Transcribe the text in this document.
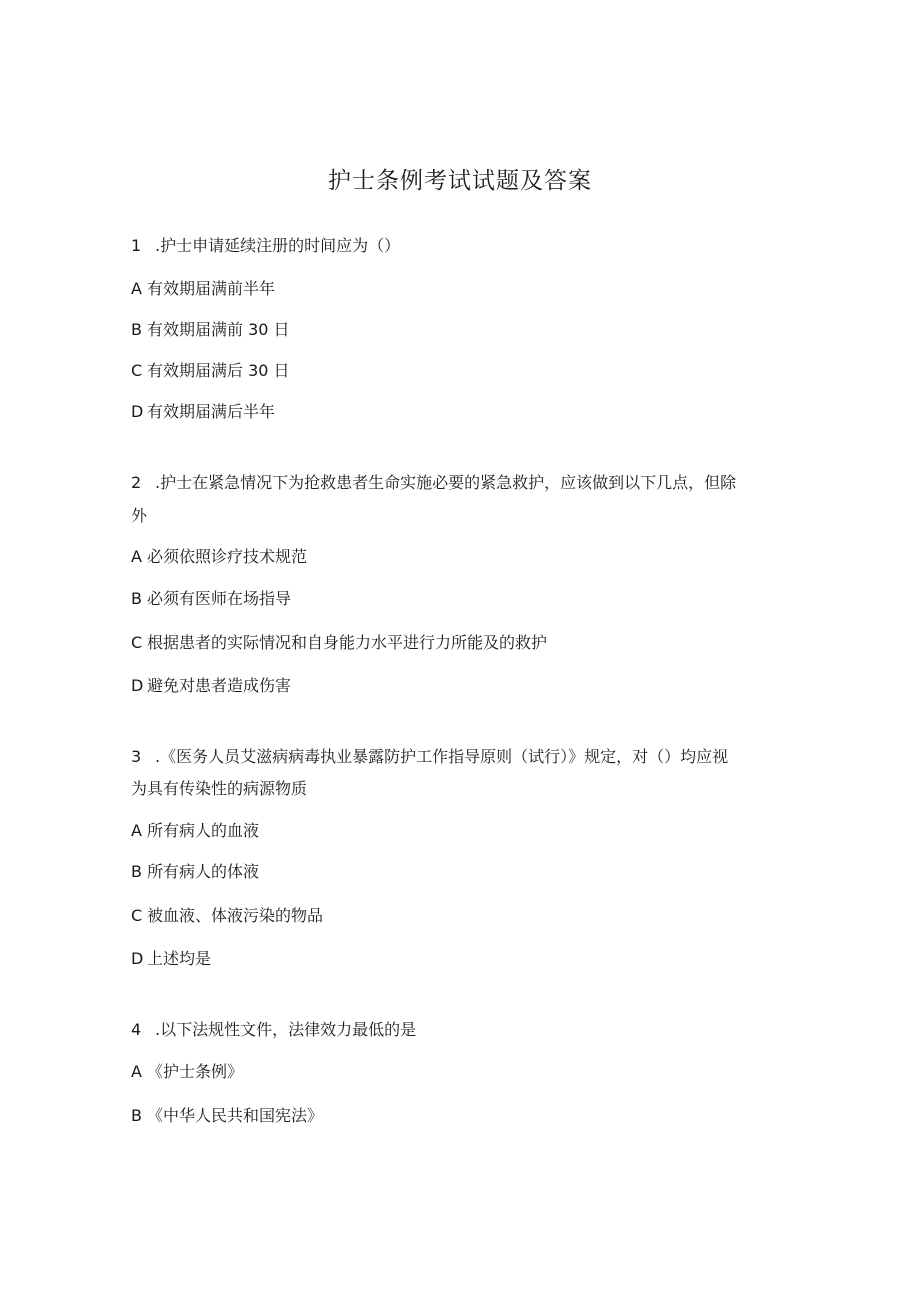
护士条例考试试题及答案
1 .护士申请延续注册的时间应为（）
A 有效期届满前半年
B 有效期届满前 30 日
C 有效期届满后 30 日
D 有效期届满后半年
2 .护士在紧急情况下为抢救患者生命实施必要的紧急救护，应该做到以下几点，但除
外
A 必须依照诊疗技术规范
B 必须有医师在场指导
C 根据患者的实际情况和自身能力水平进行力所能及的救护
D 避免对患者造成伤害
3 .《医务人员艾滋病病毒执业暴露防护工作指导原则（试行）》规定，对（）均应视
为具有传染性的病源物质
A 所有病人的血液
B 所有病人的体液
C 被血液、体液污染的物品
D 上述均是
4 .以下法规性文件，法律效力最低的是
A 《护士条例》
B 《中华人民共和国宪法》
